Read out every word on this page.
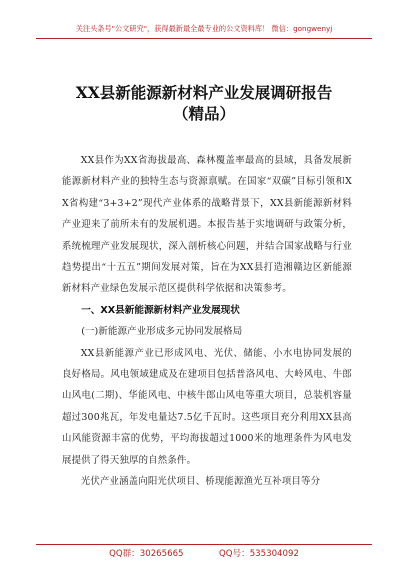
关注头条号"公文研究"，获得最新最全最专业的公文资料库！ 微信：gongwenyj
XX县新能源新材料产业发展调研报告
（精品）

XX县作为XX省海拔最高、森林覆盖率最高的县域，具备发展新能源新材料产业的独特生态与资源禀赋。在国家“双碳”目标引领和XX省构建“3+3+2”现代产业体系的战略背景下，XX县新能源新材料产业迎来了前所未有的发展机遇。本报告基于实地调研与政策分析，系统梳理产业发展现状，深入剖析核心问题，并结合国家战略与行业趋势提出“十五五”期间发展对策，旨在为XX县打造湘赣边区新能源新材料产业绿色发展示范区提供科学依据和决策参考。

一、XX县新能源新材料产业发展现状

(一)新能源产业形成多元协同发展格局

XX县新能源产业已形成风电、光伏、储能、小水电协同发展的良好格局。风电领域建成及在建项目包括普洛风电、大岭风电、牛郎山风电(二期)、华能风电、中核牛郎山风电等重大项目，总装机容量超过300兆瓦，年发电量达7.5亿千瓦时。这些项目充分利用XX县高山风能资源丰富的优势，平均海拔超过1000米的地理条件为风电发展提供了得天独厚的自然条件。

光伏产业涵盖向阳光伏项目、桥现能源渔光互补项目等分

QQ群：30265665	QQ号：535304092
